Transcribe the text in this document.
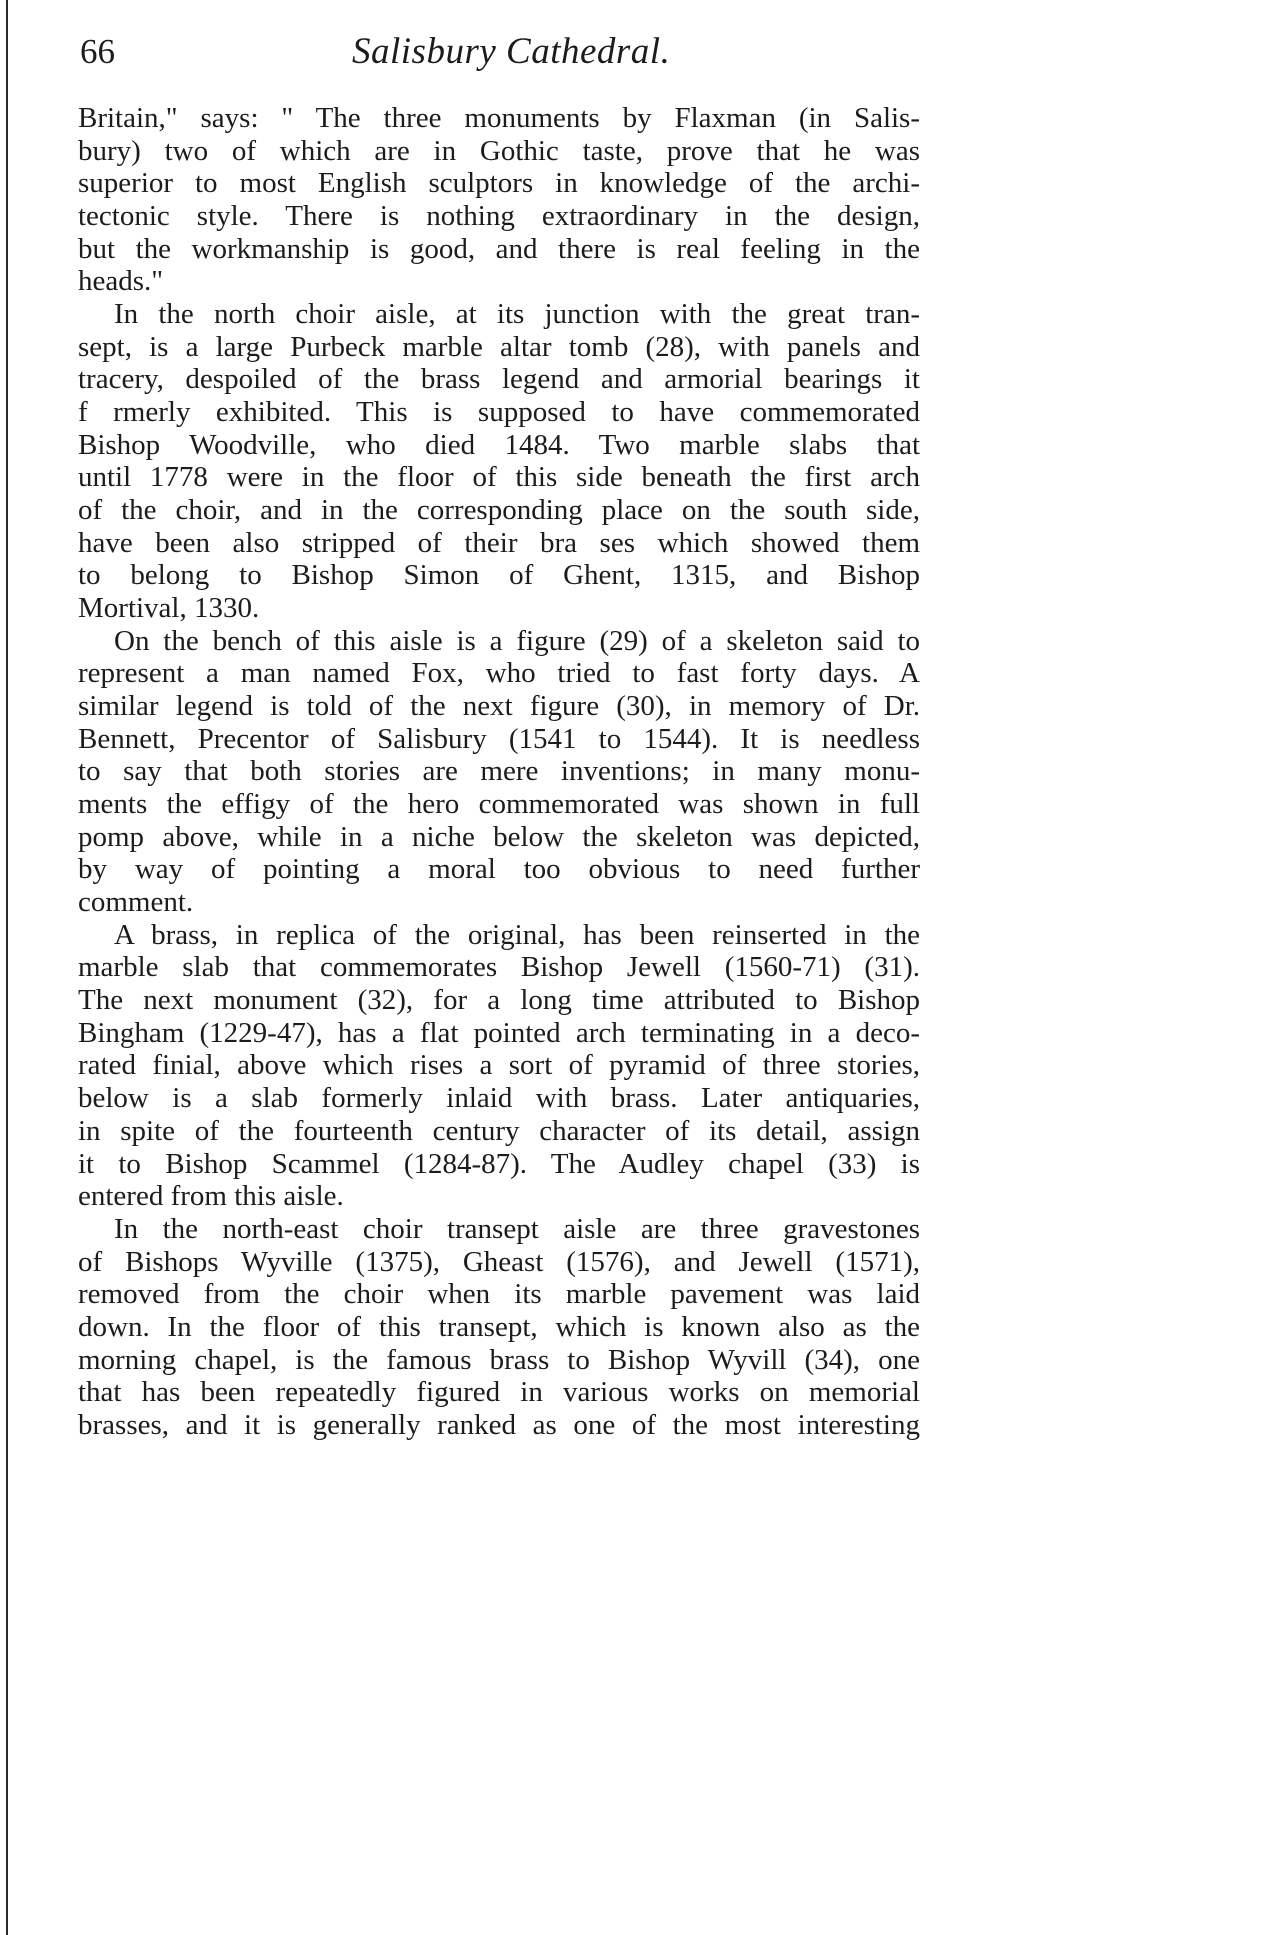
66	Salisbury Cathedral.
Britain," says: " The three monuments by Flaxman (in Salis-
bury) two of which are in Gothic taste, prove that he was
superior to most English sculptors in knowledge of the archi-
tectonic style. There is nothing extraordinary in the design,
but the workmanship is good, and there is real feeling in the
heads."
In the north choir aisle, at its junction with the great tran-
sept, is a large Purbeck marble altar tomb (28), with panels and
tracery, despoiled of the brass legend and armorial bearings it
f rmerly exhibited. This is supposed to have commemorated
Bishop Woodville, who died 1484. Two marble slabs that
until 1778 were in the floor of this side beneath the first arch
of the choir, and in the corresponding place on the south side,
have been also stripped of their bra ses which showed them
to belong to Bishop Simon of Ghent, 1315, and Bishop
Mortival, 1330.
On the bench of this aisle is a figure (29) of a skeleton said to
represent a man named Fox, who tried to fast forty days. A
similar legend is told of the next figure (30), in memory of Dr.
Bennett, Precentor of Salisbury (1541 to 1544). It is needless
to say that both stories are mere inventions; in many monu-
ments the effigy of the hero commemorated was shown in full
pomp above, while in a niche below the skeleton was depicted,
by way of pointing a moral too obvious to need further
comment.
A brass, in replica of the original, has been reinserted in the
marble slab that commemorates Bishop Jewell (1560-71) (31).
The next monument (32), for a long time attributed to Bishop
Bingham (1229-47), has a flat pointed arch terminating in a deco-
rated finial, above which rises a sort of pyramid of three stories,
below is a slab formerly inlaid with brass. Later antiquaries,
in spite of the fourteenth century character of its detail, assign
it to Bishop Scammel (1284-87). The Audley chapel (33) is
entered from this aisle.
In the north-east choir transept aisle are three gravestones
of Bishops Wyville (1375), Gheast (1576), and Jewell (1571),
removed from the choir when its marble pavement was laid
down. In the floor of this transept, which is known also as the
morning chapel, is the famous brass to Bishop Wyvill (34), one
that has been repeatedly figured in various works on memorial
brasses, and it is generally ranked as one of the most interesting
